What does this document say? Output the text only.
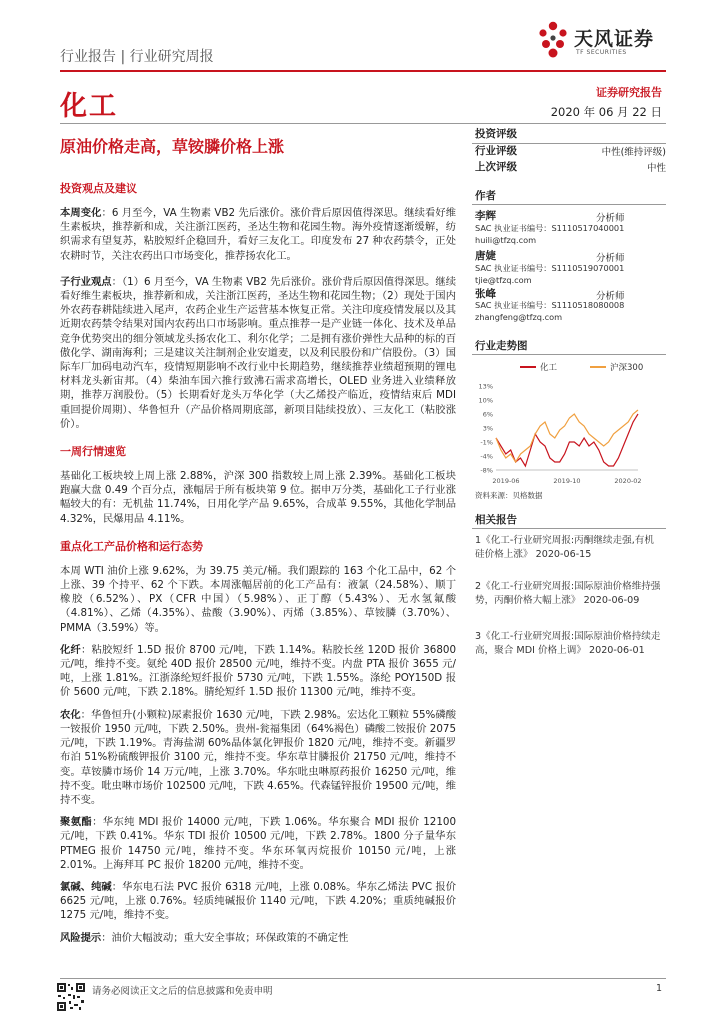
天风证券
TF SECURITIES
行业报告 | 行业研究周报
化工	证券研究报告
2020 年 06 月 22 日
原油价格走高，草铵膦价格上涨
投资评级
行业评级	中性(维持评级)
上次评级	中性
作者
李辉	分析师
SAC 执业证书编号：S1110517040001
huili@tfzq.com
唐婕	分析师
SAC 执业证书编号：S1110519070001
tjie@tfzq.com
张峰	分析师
SAC 执业证书编号：S1110518080008
zhangfeng@tfzq.com
行业走势图
化工	沪深300
13%
10%
6%
3%
-1%
-4%
-8%
2019-06	2019-10	2020-02
资料来源：贝格数据
相关报告
1《化工-行业研究周报:丙酮继续走强,有机硅价格上涨》 2020-06-15
2《化工-行业研究周报:国际原油价格维持强势，丙酮价格大幅上涨》 2020-06-09
3《化工-行业研究周报:国际原油价格持续走高，聚合 MDI 价格上调》 2020-06-01
投资观点及建议
本周变化：6 月至今，VA 生物素 VB2 先后涨价。涨价背后原因值得深思。继续看好维生素板块，推荐新和成，关注浙江医药，圣达生物和花园生物。海外疫情逐渐缓解，纺织需求有望复苏，粘胶短纤企稳回升，看好三友化工。印度发布 27 种农药禁令，正处农耕时节，关注农药出口市场变化，推荐扬农化工。
子行业观点：（1）6 月至今，VA 生物素 VB2 先后涨价。涨价背后原因值得深思。继续看好维生素板块，推荐新和成，关注浙江医药，圣达生物和花园生物；（2）现处于国内外农药春耕陆续进入尾声，农药企业生产运营基本恢复正常。关注印度疫情发展以及其近期农药禁令结果对国内农药出口市场影响。重点推荐一是产业链一体化、技术及单品竞争优势突出的细分领域龙头扬农化工、利尔化学；二是拥有涨价弹性大品种的标的百傲化学、湖南海利；三是建议关注制剂企业安道麦，以及利民股份和广信股份。（3）国际车厂加码电动汽车，疫情短期影响不改行业中长期趋势，继续推荐业绩超预期的锂电材料龙头新宙邦。（4）柴油车国六推行致沸石需求高增长，OLED 业务进入业绩释放期，推荐万润股份。（5）长期看好龙头万华化学（大乙烯投产临近，疫情结束后 MDI 重回提价周期）、华鲁恒升（产品价格周期底部，新项目陆续投放）、三友化工（粘胶涨价）。
一周行情速览
基础化工板块较上周上涨 2.88%，沪深 300 指数较上周上涨 2.39%。基础化工板块跑赢大盘 0.49 个百分点，涨幅居于所有板块第 9 位。据申万分类，基础化工子行业涨幅较大的有：无机盐 11.74%，日用化学产品 9.65%，合成革 9.55%，其他化学制品 4.32%，民爆用品 4.11%。
重点化工产品价格和运行态势
本周 WTI 油价上涨 9.62%，为 39.75 美元/桶。我们跟踪的 163 个化工品中，62 个上涨、39 个持平、62 个下跌。本周涨幅居前的化工产品有：液氯（24.58%）、顺丁橡胶（6.52%）、PX（CFR 中国）（5.98%）、正丁醇（5.43%）、无水氢氟酸（4.81%）、乙烯（4.35%）、盐酸（3.90%）、丙烯（3.85%）、草铵膦（3.70%）、PMMA（3.59%）等。
化纤：粘胶短纤 1.5D 报价 8700 元/吨，下跌 1.14%。粘胶长丝 120D 报价 36800 元/吨，维持不变。氨纶 40D 报价 28500 元/吨，维持不变。内盘 PTA 报价 3655 元/吨，上涨 1.81%。江浙涤纶短纤报价 5730 元/吨，下跌 1.55%。涤纶 POY150D 报价 5600 元/吨，下跌 2.18%。腈纶短纤 1.5D 报价 11300 元/吨，维持不变。
农化：华鲁恒升(小颗粒)尿素报价 1630 元/吨，下跌 2.98%。宏达化工颗粒 55%磷酸一铵报价 1950 元/吨，下跌 2.50%。贵州-瓮福集团（64%褐色）磷酸二铵报价 2075 元/吨，下跌 1.19%。青海盐湖 60%晶体氯化钾报价 1820 元/吨，维持不变。新疆罗布泊 51%粉硫酸钾报价 3100 元，维持不变。华东草甘膦报价 21750 元/吨，维持不变。草铵膦市场价 14 万元/吨，上涨 3.70%。华东吡虫啉原药报价 16250 元/吨，维持不变。吡虫啉市场价 102500 元/吨，下跌 4.65%。代森锰锌报价 19500 元/吨，维持不变。
聚氨酯：华东纯 MDI 报价 14000 元/吨，下跌 1.06%。华东聚合 MDI 报价 12100 元/吨，下跌 0.41%。华东 TDI 报价 10500 元/吨，下跌 2.78%。1800 分子量华东 PTMEG 报价 14750 元/吨，维持不变。华东环氧丙烷报价 10150 元/吨，上涨 2.01%。上海拜耳 PC 报价 18200 元/吨，维持不变。
氯碱、纯碱：华东电石法 PVC 报价 6318 元/吨，上涨 0.08%。华东乙烯法 PVC 报价 6625 元/吨，上涨 0.76%。轻质纯碱报价 1140 元/吨，下跌 4.20%；重质纯碱报价 1275 元/吨，维持不变。
风险提示：油价大幅波动；重大安全事故；环保政策的不确定性
请务必阅读正文之后的信息披露和免责申明	1
